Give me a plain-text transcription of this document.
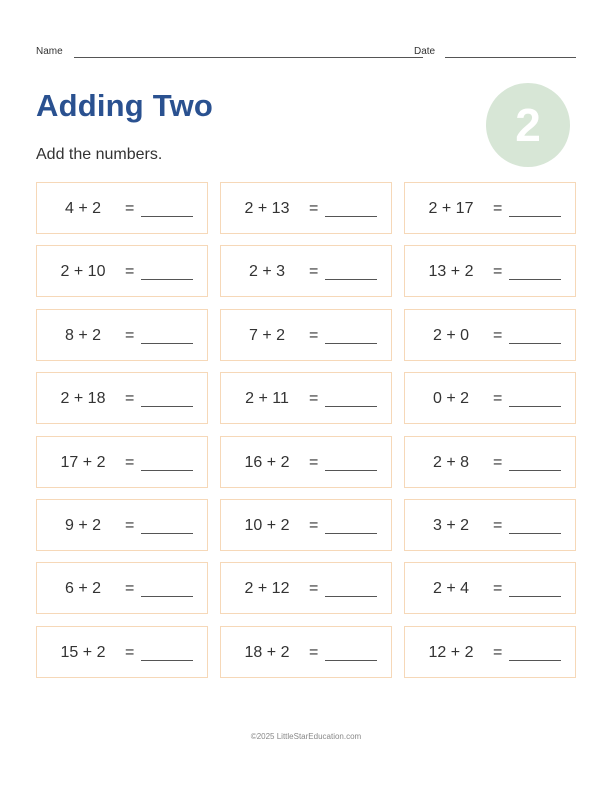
Name	Date
Adding Two	2
Add the numbers.
4 + 2	=	2 + 13	=	2 + 17	=
2 + 10	=	2 + 3	=	13 + 2	=
8 + 2	=	7 + 2	=	2 + 0	=
2 + 18	=	2 + 11	=	0 + 2	=
17 + 2	=	16 + 2	=	2 + 8	=
9 + 2	=	10 + 2	=	3 + 2	=
6 + 2	=	2 + 12	=	2 + 4	=
15 + 2	=	18 + 2	=	12 + 2	=
©2025 LittleStarEducation.com
